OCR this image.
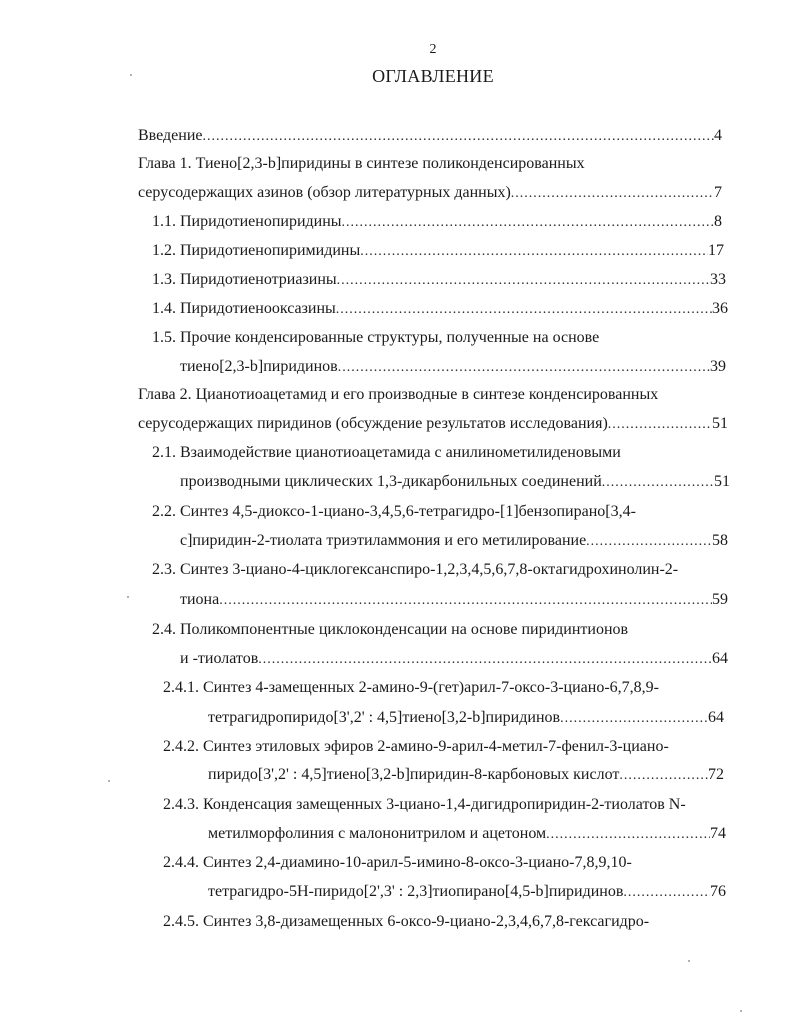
2
ОГЛАВЛЕНИЕ
Введение .....	4
Глава 1. Тиено[2,3-b]пиридины в синтезе поликонденсированных
серусодержащих азинов (обзор литературных данных) .....	7
1.1. Пиридотиенопиридины .....	8
1.2. Пиридотиенопиримидины .....	17
1.3. Пиридотиенотриазины .....	33
1.4. Пиридотиенооксазины .....	36
1.5. Прочие конденсированные структуры, полученные на основе
тиено[2,3-b]пиридинов .....	39
Глава 2. Цианотиоацетамид и его производные в синтезе конденсированных
серусодержащих пиридинов (обсуждение результатов исследования) .....	51
2.1. Взаимодействие цианотиоацетамида с анилинометилиденовыми
производными циклических 1,3-дикарбонильных соединений .....	51
2.2. Синтез 4,5-диоксо-1-циано-3,4,5,6-тетрагидро-[1]бензопирано[3,4-
c]пиридин-2-тиолата триэтиламмония и его метилирование .....	58
2.3. Синтез 3-циано-4-циклогексанспиро-1,2,3,4,5,6,7,8-октагидрохинолин-2-
тиона .....	59
2.4. Поликомпонентные циклоконденсации на основе пиридинтионов
и -тиолатов .....	64
2.4.1. Синтез 4-замещенных 2-амино-9-(гет)арил-7-оксо-3-циано-6,7,8,9-
тетрагидропиридо[3',2' : 4,5]тиено[3,2-b]пиридинов .....	64
2.4.2. Синтез этиловых эфиров 2-амино-9-арил-4-метил-7-фенил-3-циано-
пиридо[3',2' : 4,5]тиено[3,2-b]пиридин-8-карбоновых кислот .....	72
2.4.3. Конденсация замещенных 3-циано-1,4-дигидропиридин-2-тиолатов N-
метилморфолиния с малононитрилом и ацетоном .....	74
2.4.4. Синтез 2,4-диамино-10-арил-5-имино-8-оксо-3-циано-7,8,9,10-
тетрагидро-5H-пиридо[2',3' : 2,3]тиопирано[4,5-b]пиридинов .....	76
2.4.5. Синтез 3,8-дизамещенных 6-оксо-9-циано-2,3,4,6,7,8-гексагидро-
